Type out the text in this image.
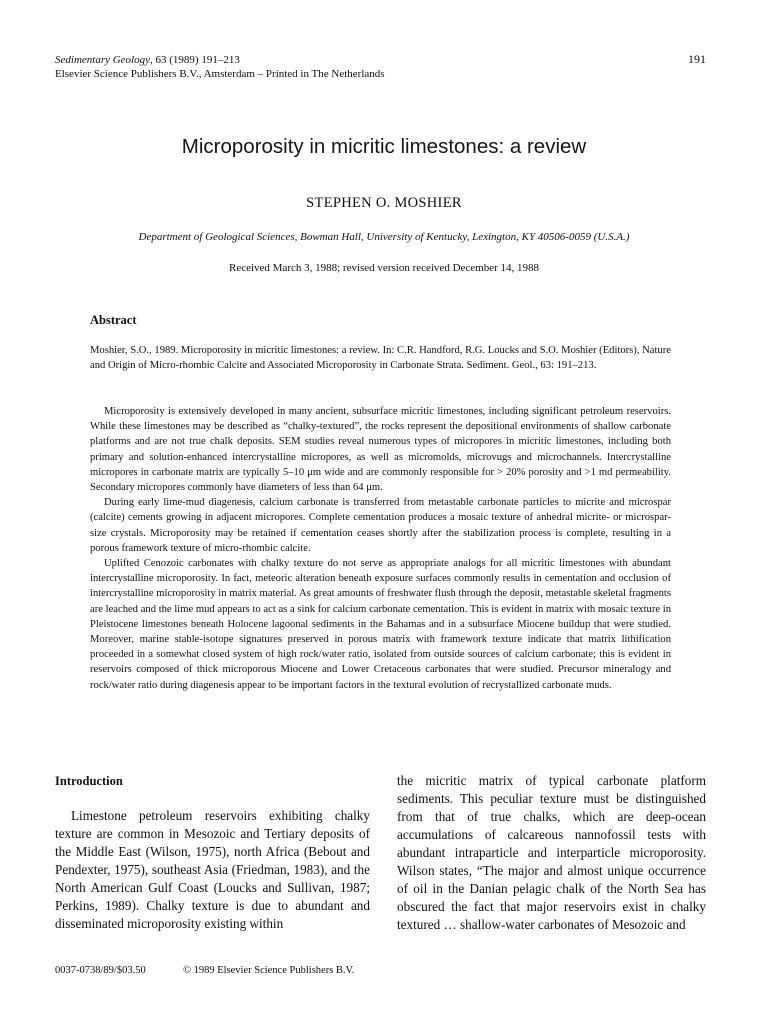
Sedimentary Geology, 63 (1989) 191–213
Elsevier Science Publishers B.V., Amsterdam – Printed in The Netherlands
191
Microporosity in micritic limestones: a review
STEPHEN O. MOSHIER
Department of Geological Sciences, Bowman Hall, University of Kentucky, Lexington, KY 40506-0059 (U.S.A.)
Received March 3, 1988; revised version received December 14, 1988
Abstract

Moshier, S.O., 1989. Microporosity in micritic limestones: a review. In: C.R. Handford, R.G. Loucks and S.O. Moshier (Editors), Nature and Origin of Micro-rhombic Calcite and Associated Microporosity in Carbonate Strata. Sediment. Geol., 63: 191–213.

Microporosity is extensively developed in many ancient, subsurface micritic limestones, including significant petroleum reservoirs. While these limestones may be described as “chalky-textured”, the rocks represent the depositional environments of shallow carbonate platforms and are not true chalk deposits. SEM studies reveal numerous types of micropores in micritic limestones, including both primary and solution-enhanced intercrystalline micropores, as well as micromolds, microvugs and microchannels. Intercrystalline micropores in carbonate matrix are typically 5–10 μm wide and are commonly responsible for > 20% porosity and >1 md permeability. Secondary micropores commonly have diameters of less than 64 μm.

During early lime-mud diagenesis, calcium carbonate is transferred from metastable carbonate particles to micrite and microspar (calcite) cements growing in adjacent micropores. Complete cementation produces a mosaic texture of anhedral micrite- or microspar-size crystals. Microporosity may be retained if cementation ceases shortly after the stabilization process is complete, resulting in a porous framework texture of micro-rhombic calcite.

Uplifted Cenozoic carbonates with chalky texture do not serve as appropriate analogs for all micritic limestones with abundant intercrystalline microporosity. In fact, meteoric alteration beneath exposure surfaces commonly results in cementation and occlusion of intercrystalline microporosity in matrix material. As great amounts of freshwater flush through the deposit, metastable skeletal fragments are leached and the lime mud appears to act as a sink for calcium carbonate cementation. This is evident in matrix with mosaic texture in Pleistocene limestones beneath Holocene lagoonal sediments in the Bahamas and in a subsurface Miocene buildup that were studied. Moreover, marine stable-isotope signatures preserved in porous matrix with framework texture indicate that matrix lithification proceeded in a somewhat closed system of high rock/water ratio, isolated from outside sources of calcium carbonate; this is evident in reservoirs composed of thick microporous Miocene and Lower Cretaceous carbonates that were studied. Precursor mineralogy and rock/water ratio during diagenesis appear to be important factors in the textural evolution of recrystallized carbonate muds.

Introduction

Limestone petroleum reservoirs exhibiting chalky texture are common in Mesozoic and Tertiary deposits of the Middle East (Wilson, 1975), north Africa (Bebout and Pendexter, 1975), southeast Asia (Friedman, 1983), and the North American Gulf Coast (Loucks and Sullivan, 1987; Perkins, 1989). Chalky texture is due to abundant and disseminated microporosity existing within

the micritic matrix of typical carbonate platform sediments. This peculiar texture must be distinguished from that of true chalks, which are deep-ocean accumulations of calcareous nannofossil tests with abundant intraparticle and interparticle microporosity. Wilson states, “The major and almost unique occurrence of oil in the Danian pelagic chalk of the North Sea has obscured the fact that major reservoirs exist in chalky textured … shallow-water carbonates of Mesozoic and

0037-0738/89/$03.50	© 1989 Elsevier Science Publishers B.V.
